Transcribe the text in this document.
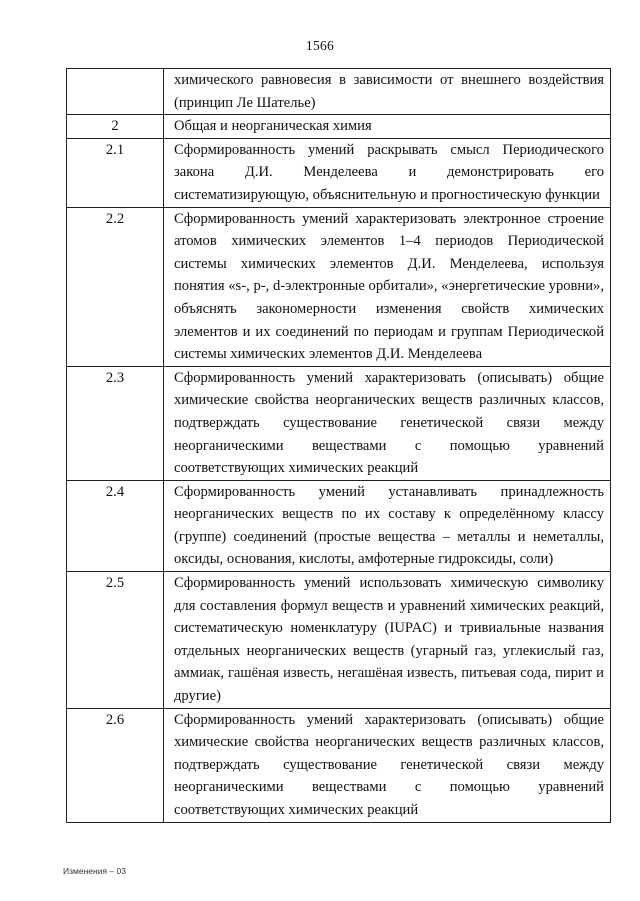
1566
	химического равновесия в зависимости от внешнего воздействия (принцип Ле Шателье)
2	Общая и неорганическая химия
2.1	Сформированность умений раскрывать смысл Периодического закона Д.И. Менделеева и демонстрировать его систематизирующую, объяснительную и прогностическую функции
2.2	Сформированность умений характеризовать электронное строение атомов химических элементов 1–4 периодов Периодической системы химических элементов Д.И. Менделеева, используя понятия «s-, p-, d-электронные орбитали», «энергетические уровни», объяснять закономерности изменения свойств химических элементов и их соединений по периодам и группам Периодической системы химических элементов Д.И. Менделеева
2.3	Сформированность умений характеризовать (описывать) общие химические свойства неорганических веществ различных классов, подтверждать существование генетической связи между неорганическими веществами с помощью уравнений соответствующих химических реакций
2.4	Сформированность умений устанавливать принадлежность неорганических веществ по их составу к определённому классу (группе) соединений (простые вещества – металлы и неметаллы, оксиды, основания, кислоты, амфотерные гидроксиды, соли)
2.5	Сформированность умений использовать химическую символику для составления формул веществ и уравнений химических реакций, систематическую номенклатуру (IUPAC) и тривиальные названия отдельных неорганических веществ (угарный газ, углекислый газ, аммиак, гашёная известь, негашёная известь, питьевая сода, пирит и другие)
2.6	Сформированность умений характеризовать (описывать) общие химические свойства неорганических веществ различных классов, подтверждать существование генетической связи между неорганическими веществами с помощью уравнений соответствующих химических реакций
Изменения – 03
